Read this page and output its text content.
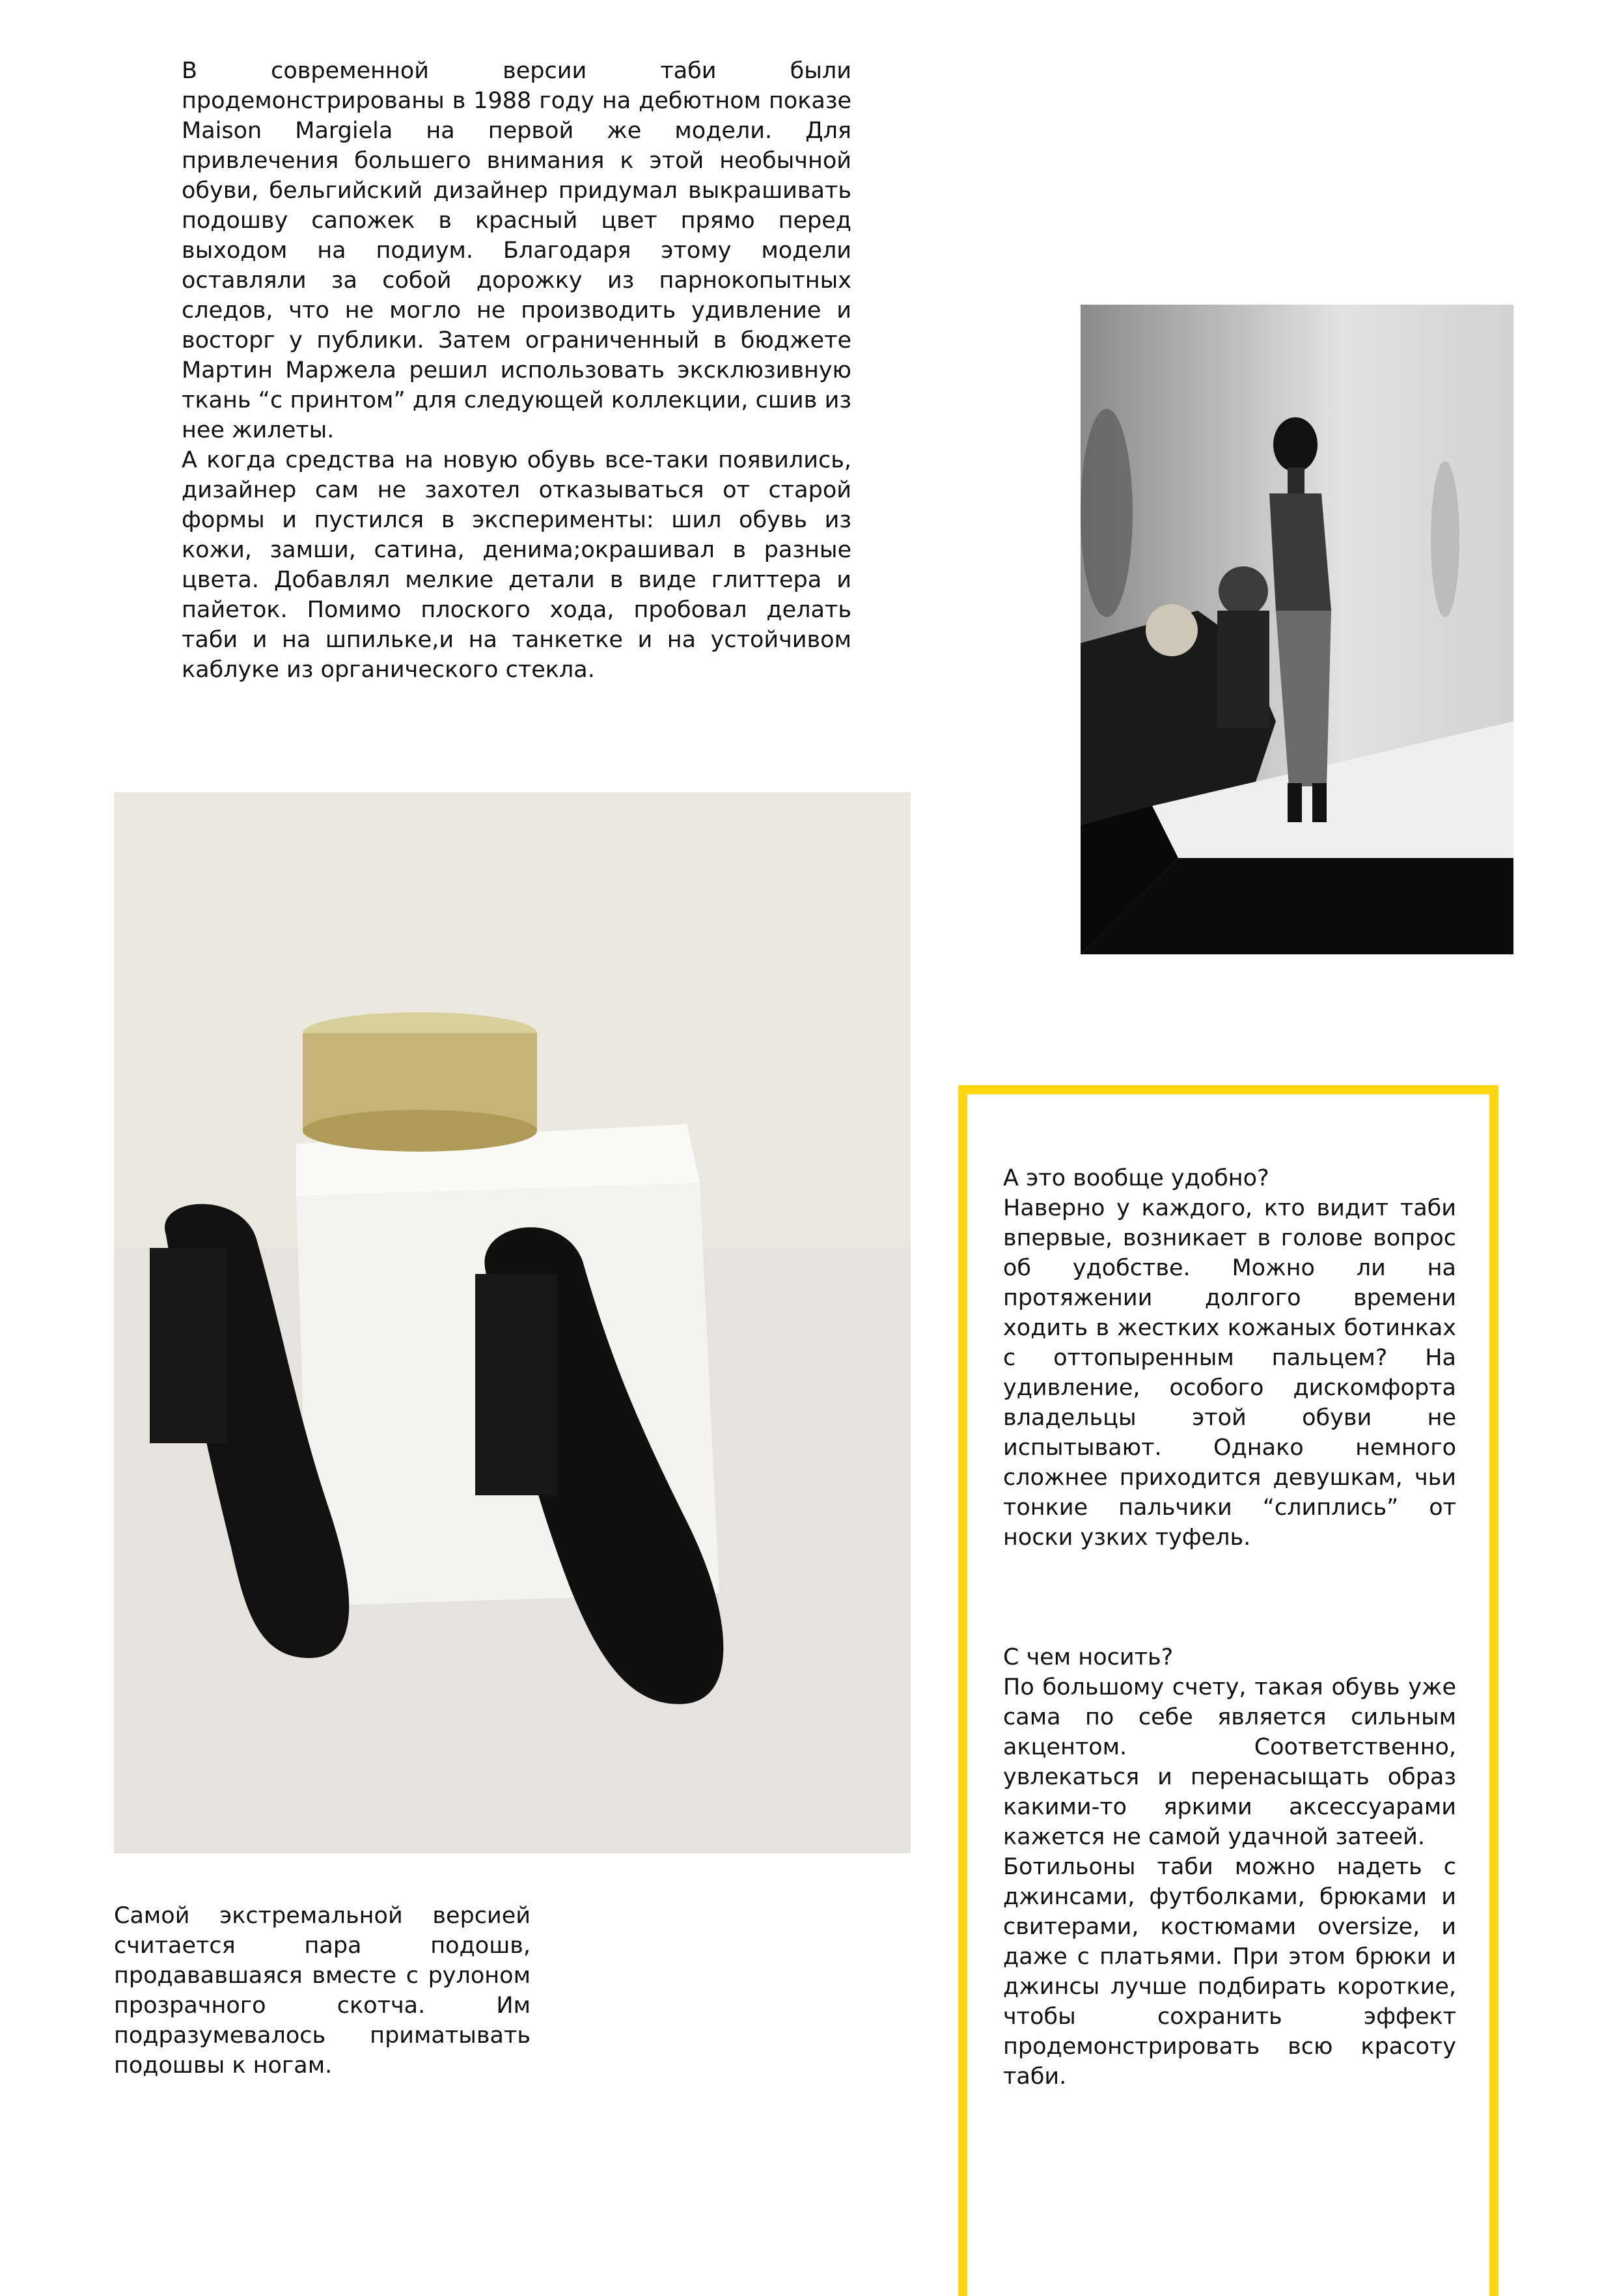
В современной версии таби были продемонстрированы в 1988 году на дебютном показе Maison Margiela на первой же модели. Для привлечения большего внимания к этой необычной обуви, бельгийский дизайнер придумал выкрашивать подошву сапожек в красный цвет прямо перед выходом на подиум. Благодаря этому модели оставляли за собой дорожку из парнокопытных следов, что не могло не производить удивление и восторг у публики. Затем ограниченный в бюджете Мартин Маржела решил использовать эксклюзивную ткань “с принтом” для следующей коллекции, сшив из нее жилеты.

А когда средства на новую обувь все-таки появились, дизайнер сам не захотел отказываться от старой формы и пустился в эксперименты: шил обувь из кожи, замши, сатина, денима;окрашивал в разные цвета. Добавлял мелкие детали в виде глиттера и пайеток. Помимо плоского хода, пробовал делать таби и на шпильке,и на танкетке и на устойчивом каблуке из органического стекла.

Самой экстремальной версией считается пара подошв, продававшаяся вместе с рулоном прозрачного скотча. Им подразумевалось приматывать подошвы к ногам.

А это вообще удобно?

Наверно у каждого, кто видит таби впервые, возникает в голове вопрос об удобстве. Можно ли на протяжении долгого времени ходить в жестких кожаных ботинках с оттопыренным пальцем? На удивление, особого дискомфорта владельцы этой обуви не испытывают. Однако немного сложнее приходится девушкам, чьи тонкие пальчики “слиплись” от носки узких туфель.

С чем носить?

По большому счету, такая обувь уже сама по себе является сильным акцентом. Соответственно, увлекаться и перенасыщать образ какими-то яркими аксессуарами кажется не самой удачной затеей.

Ботильоны таби можно надеть с джинсами, футболками, брюками и свитерами, костюмами oversize, и даже с платьями. При этом брюки и джинсы лучше подбирать короткие, чтобы сохранить эффект продемонстрировать всю красоту таби.
